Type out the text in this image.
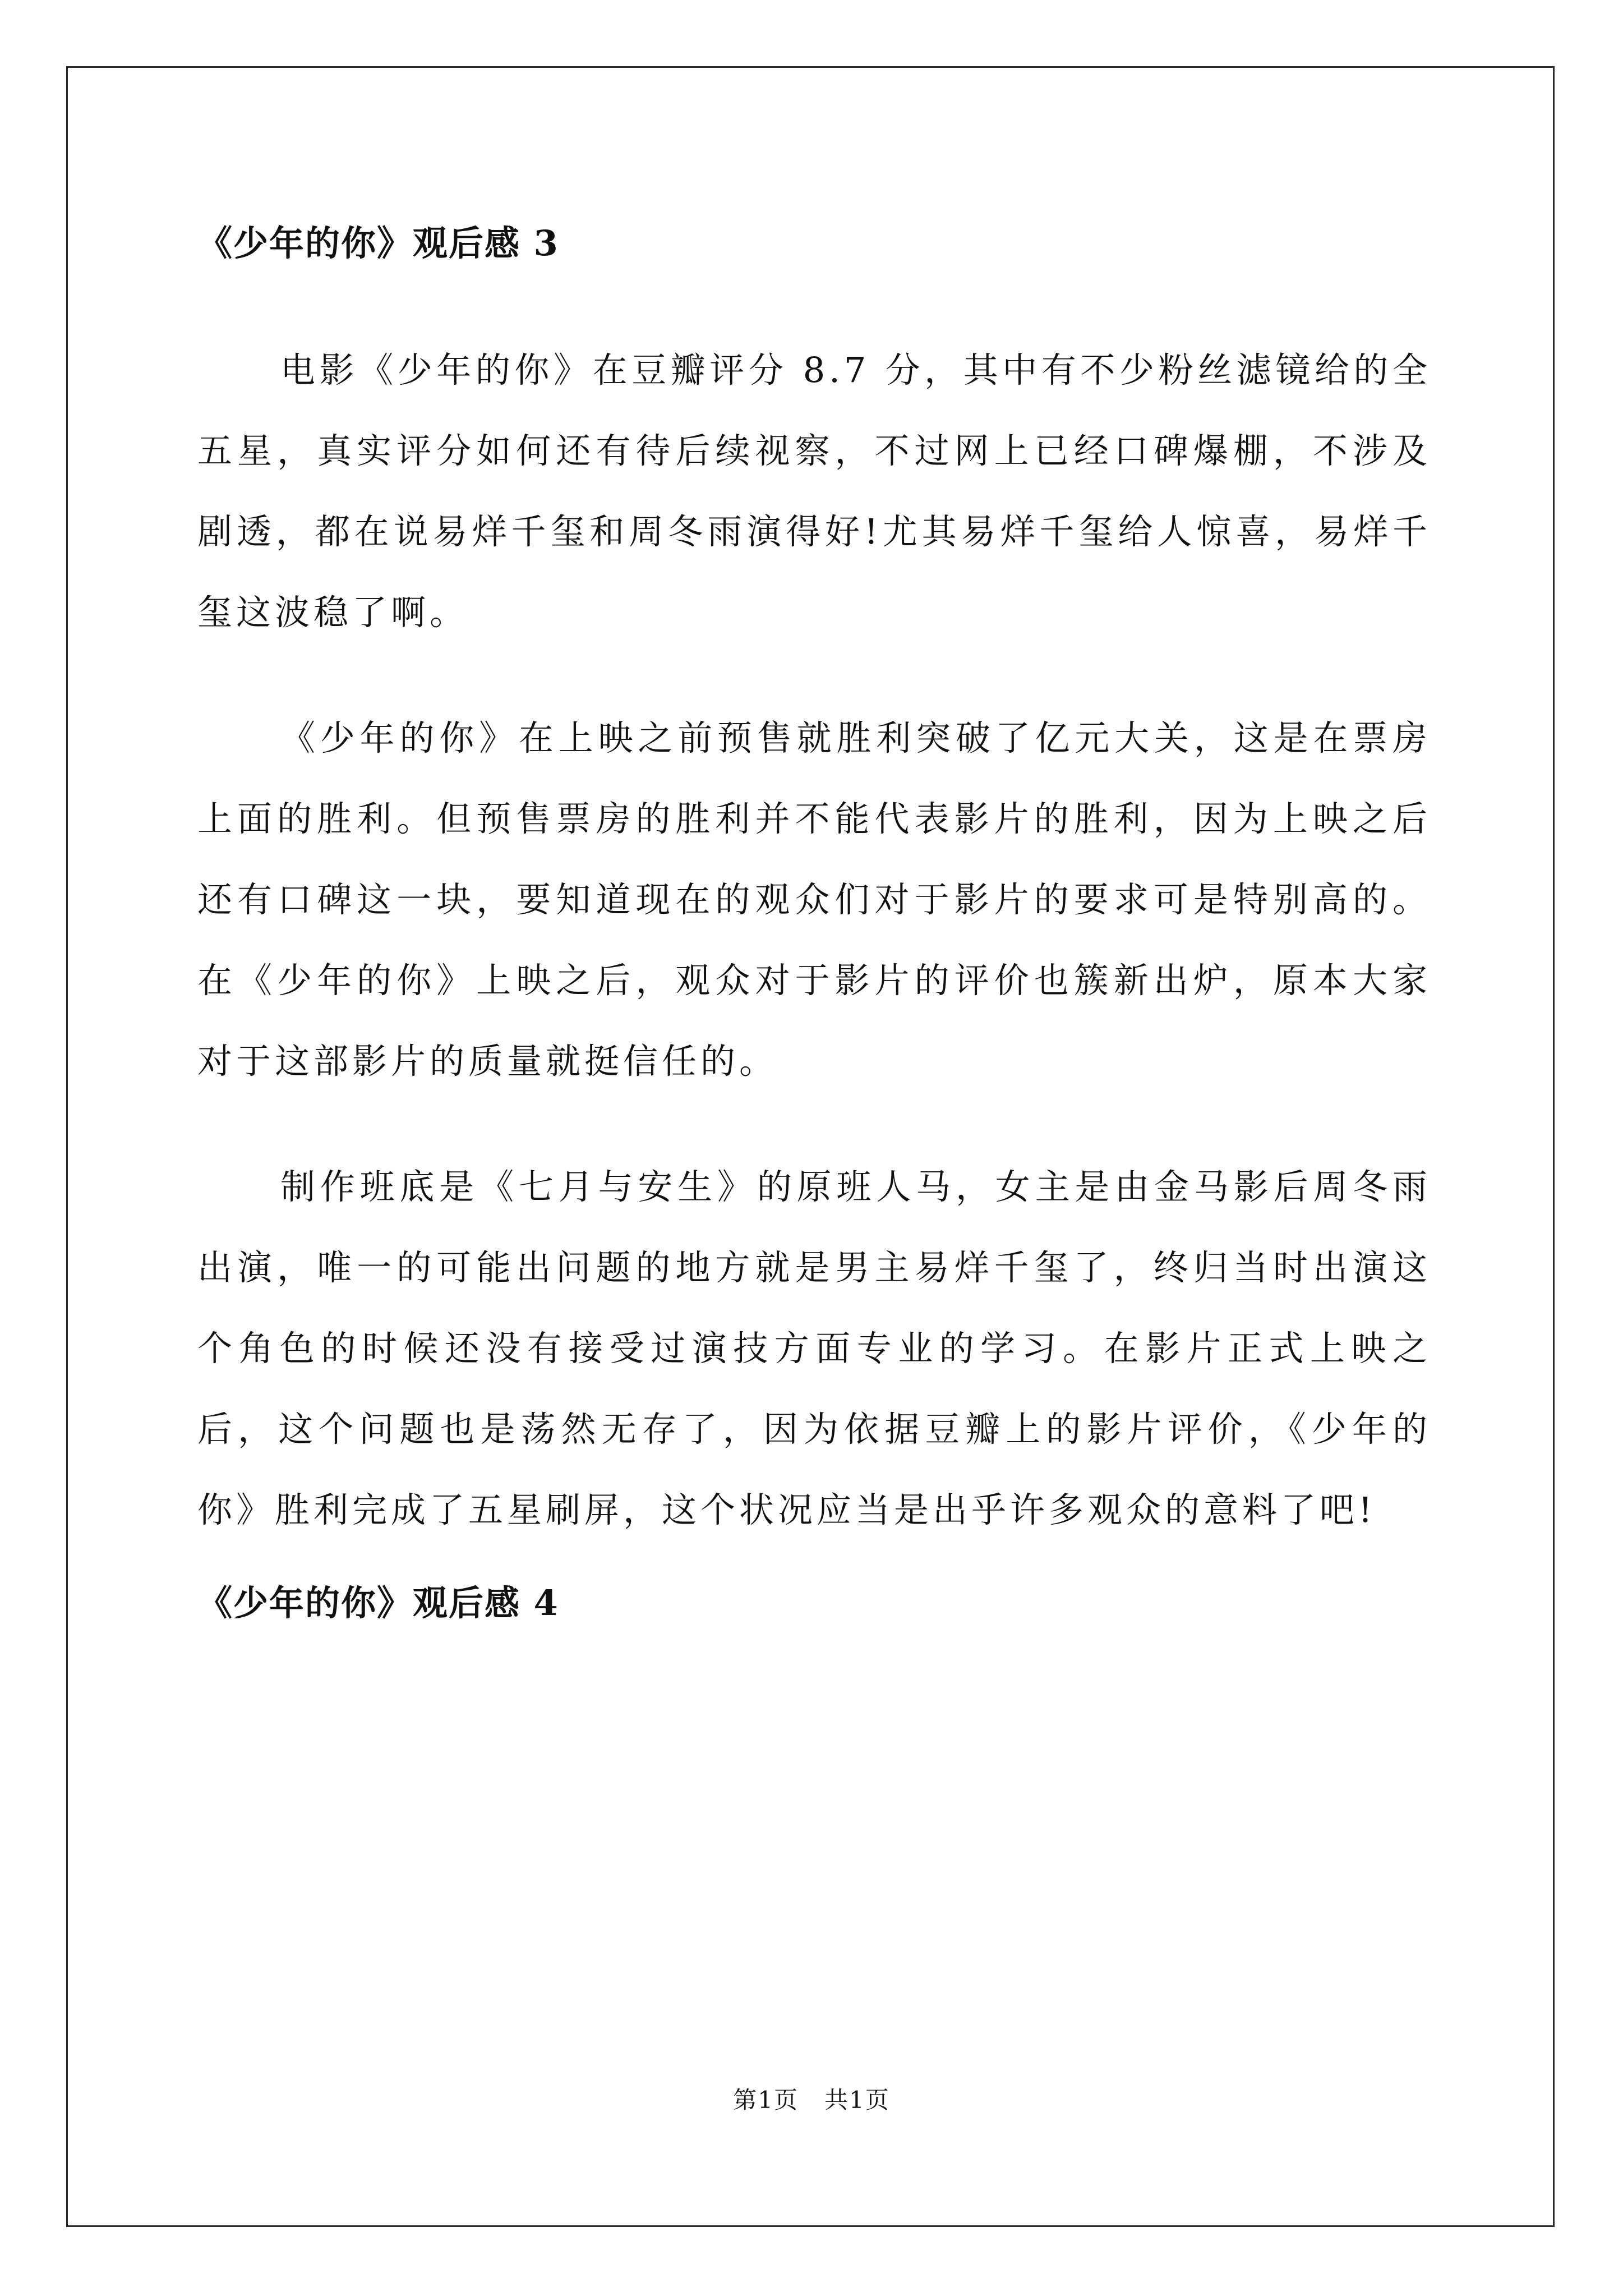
《少年的你》观后感 3

电影《少年的你》在豆瓣评分 8.7 分，其中有不少粉丝滤镜给的全五星，真实评分如何还有待后续视察，不过网上已经口碑爆棚，不涉及剧透，都在说易烊千玺和周冬雨演得好!尤其易烊千玺给人惊喜，易烊千玺这波稳了啊。

《少年的你》在上映之前预售就胜利突破了亿元大关，这是在票房上面的胜利。但预售票房的胜利并不能代表影片的胜利，因为上映之后还有口碑这一块，要知道现在的观众们对于影片的要求可是特别高的。在《少年的你》上映之后，观众对于影片的评价也簇新出炉，原本大家对于这部影片的质量就挺信任的。

制作班底是《七月与安生》的原班人马，女主是由金马影后周冬雨出演，唯一的可能出问题的地方就是男主易烊千玺了，终归当时出演这个角色的时候还没有接受过演技方面专业的学习。在影片正式上映之后，这个问题也是荡然无存了，因为依据豆瓣上的影片评价，《少年的你》胜利完成了五星刷屏，这个状况应当是出乎许多观众的意料了吧!

《少年的你》观后感 4
第1页 共1页
